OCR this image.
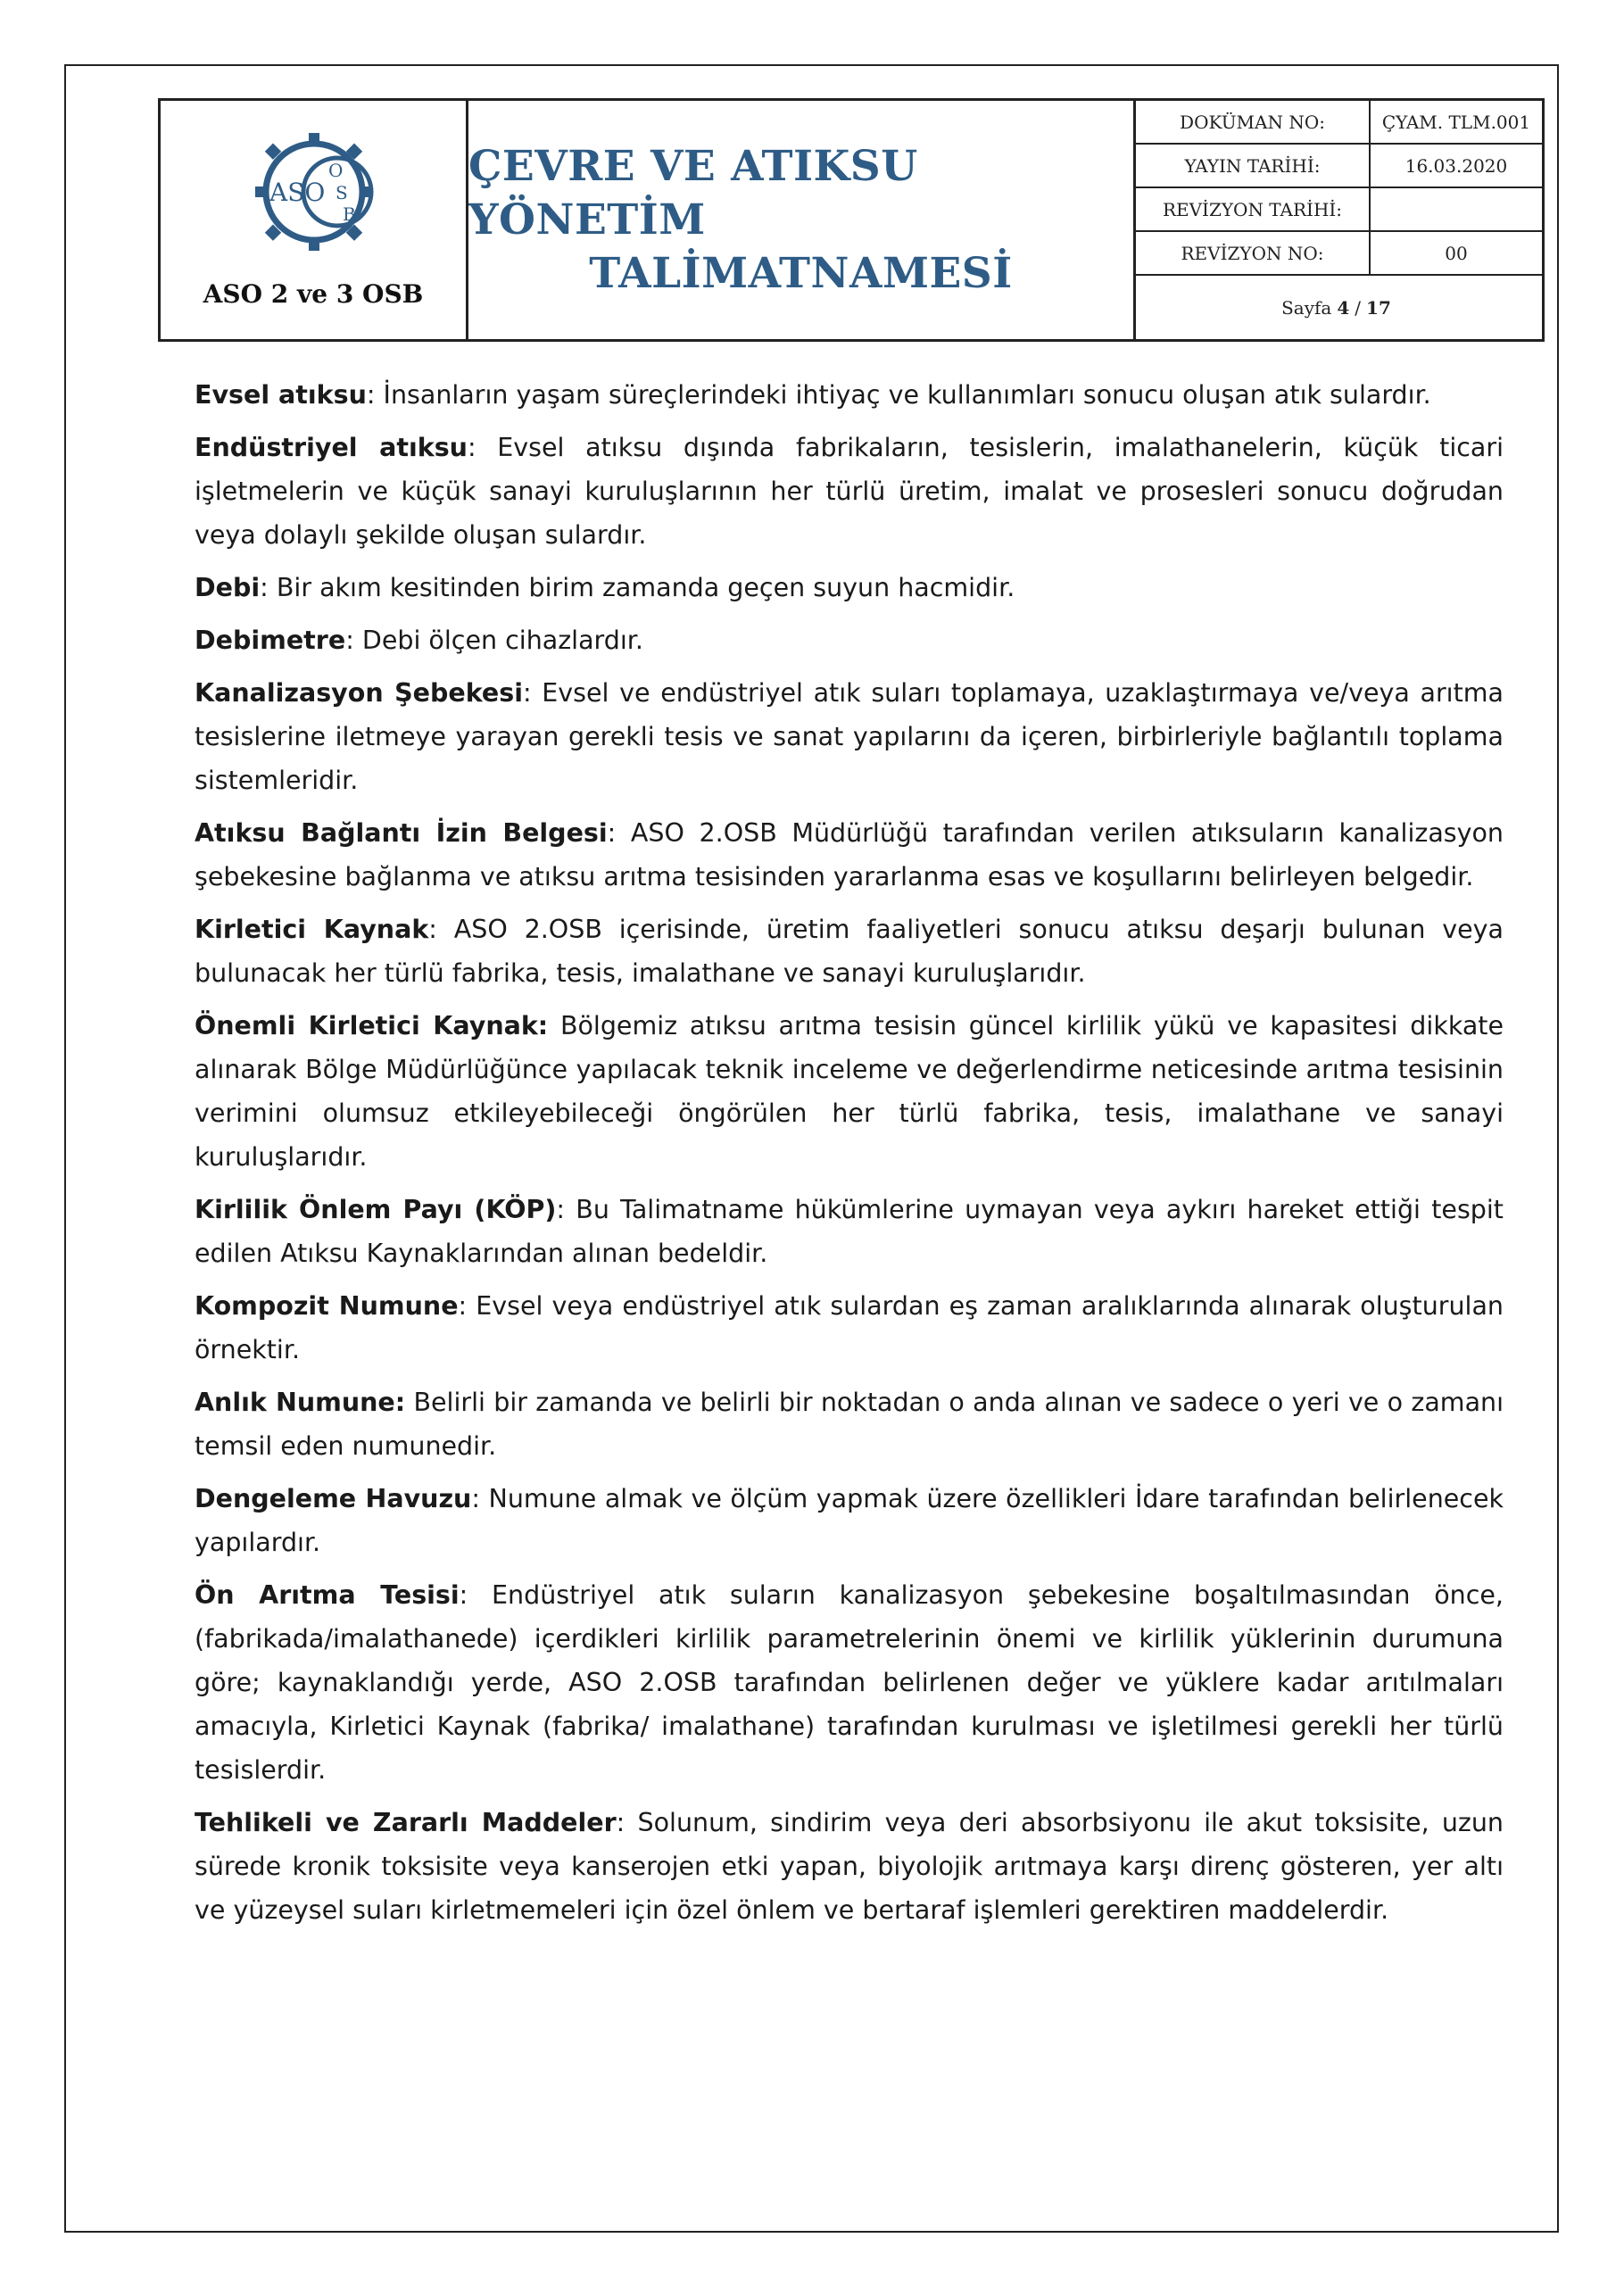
ASO
O
S
B
ASO 2 ve 3 OSB
ÇEVRE VE ATIKSU YÖNETİM
TALİMATNAMESİ
DOKÜMAN NO:	ÇYAM. TLM.001
YAYIN TARİHİ:	16.03.2020
REVİZYON TARİHİ:
REVİZYON NO:	00
Sayfa 4 / 17

Evsel atıksu: İnsanların yaşam süreçlerindeki ihtiyaç ve kullanımları sonucu oluşan atık sulardır.

Endüstriyel atıksu: Evsel atıksu dışında fabrikaların, tesislerin, imalathanelerin, küçük ticari işletmelerin ve küçük sanayi kuruluşlarının her türlü üretim, imalat ve prosesleri sonucu doğrudan veya dolaylı şekilde oluşan sulardır.

Debi: Bir akım kesitinden birim zamanda geçen suyun hacmidir.

Debimetre: Debi ölçen cihazlardır.

Kanalizasyon Şebekesi: Evsel ve endüstriyel atık suları toplamaya, uzaklaştırmaya ve/veya arıtma tesislerine iletmeye yarayan gerekli tesis ve sanat yapılarını da içeren, birbirleriyle bağlantılı toplama sistemleridir.

Atıksu Bağlantı İzin Belgesi: ASO 2.OSB Müdürlüğü tarafından verilen atıksuların kanalizasyon şebekesine bağlanma ve atıksu arıtma tesisinden yararlanma esas ve koşullarını belirleyen belgedir.

Kirletici Kaynak: ASO 2.OSB içerisinde, üretim faaliyetleri sonucu atıksu deşarjı bulunan veya bulunacak her türlü fabrika, tesis, imalathane ve sanayi kuruluşlarıdır.

Önemli Kirletici Kaynak: Bölgemiz atıksu arıtma tesisin güncel kirlilik yükü ve kapasitesi dikkate alınarak Bölge Müdürlüğünce yapılacak teknik inceleme ve değerlendirme neticesinde arıtma tesisinin verimini olumsuz etkileyebileceği öngörülen her türlü fabrika, tesis, imalathane ve sanayi kuruluşlarıdır.

Kirlilik Önlem Payı (KÖP): Bu Talimatname hükümlerine uymayan veya aykırı hareket ettiği tespit edilen Atıksu Kaynaklarından alınan bedeldir.

Kompozit Numune: Evsel veya endüstriyel atık sulardan eş zaman aralıklarında alınarak oluşturulan örnektir.

Anlık Numune: Belirli bir zamanda ve belirli bir noktadan o anda alınan ve sadece o yeri ve o zamanı temsil eden numunedir.

Dengeleme Havuzu: Numune almak ve ölçüm yapmak üzere özellikleri İdare tarafından belirlenecek yapılardır.

Ön Arıtma Tesisi: Endüstriyel atık suların kanalizasyon şebekesine boşaltılmasından önce, (fabrikada/imalathanede) içerdikleri kirlilik parametrelerinin önemi ve kirlilik yüklerinin durumuna göre; kaynaklandığı yerde, ASO 2.OSB tarafından belirlenen değer ve yüklere kadar arıtılmaları amacıyla, Kirletici Kaynak (fabrika/ imalathane) tarafından kurulması ve işletilmesi gerekli her türlü tesislerdir.

Tehlikeli ve Zararlı Maddeler: Solunum, sindirim veya deri absorbsiyonu ile akut toksisite, uzun sürede kronik toksisite veya kanserojen etki yapan, biyolojik arıtmaya karşı direnç gösteren, yer altı ve yüzeysel suları kirletmemeleri için özel önlem ve bertaraf işlemleri gerektiren maddelerdir.
